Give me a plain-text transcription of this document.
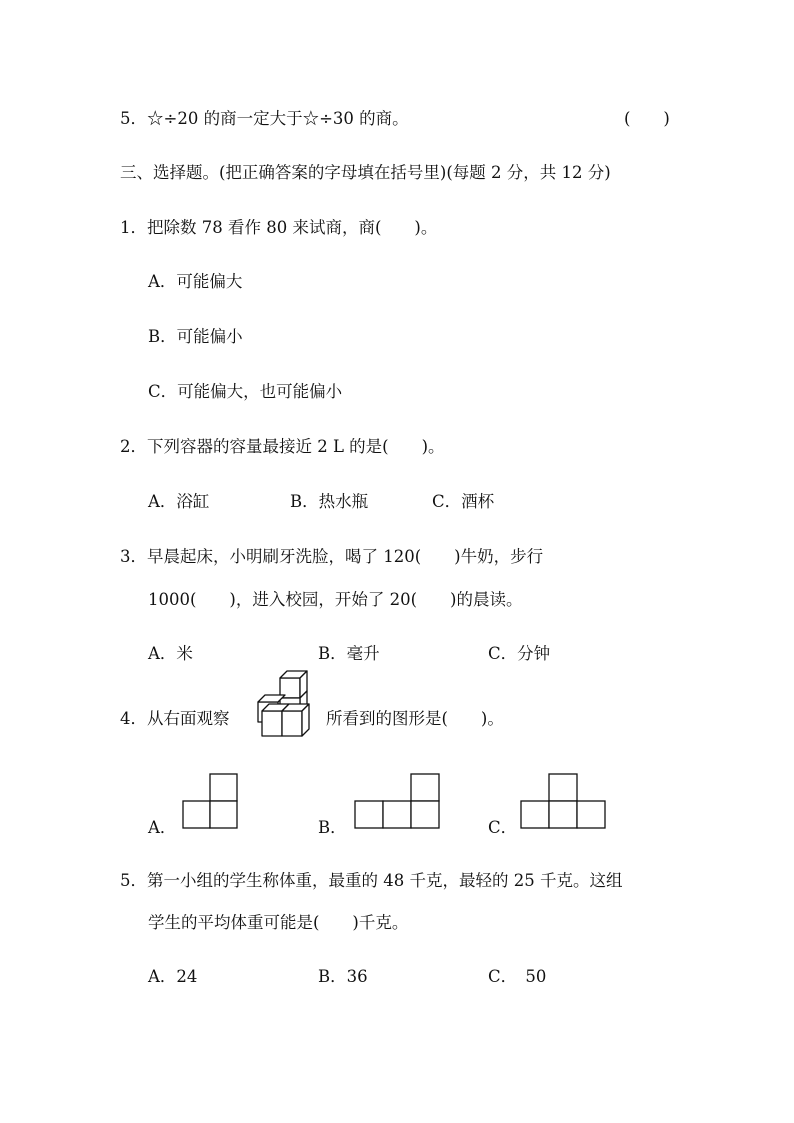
5．☆÷20 的商一定大于☆÷30 的商。	(　　)
三、选择题。(把正确答案的字母填在括号里)(每题 2 分，共 12 分)
1．把除数 78 看作 80 来试商，商(　　)。
A．可能偏大
B．可能偏小
C．可能偏大，也可能偏小
2．下列容器的容量最接近 2 L 的是(　　)。
A．浴缸	B．热水瓶	C．酒杯
3．早晨起床，小明刷牙洗脸，喝了 120(　　)牛奶，步行
1000(　　)，进入校园，开始了 20(　　)的晨读。
A．米	B．毫升	C．分钟
4．从右面观察	所看到的图形是(　　)。
A．	B．	C．
5．第一小组的学生称体重，最重的 48 千克，最轻的 25 千克。这组
学生的平均体重可能是(　　)千克。
A．24	B．36	C．　50
